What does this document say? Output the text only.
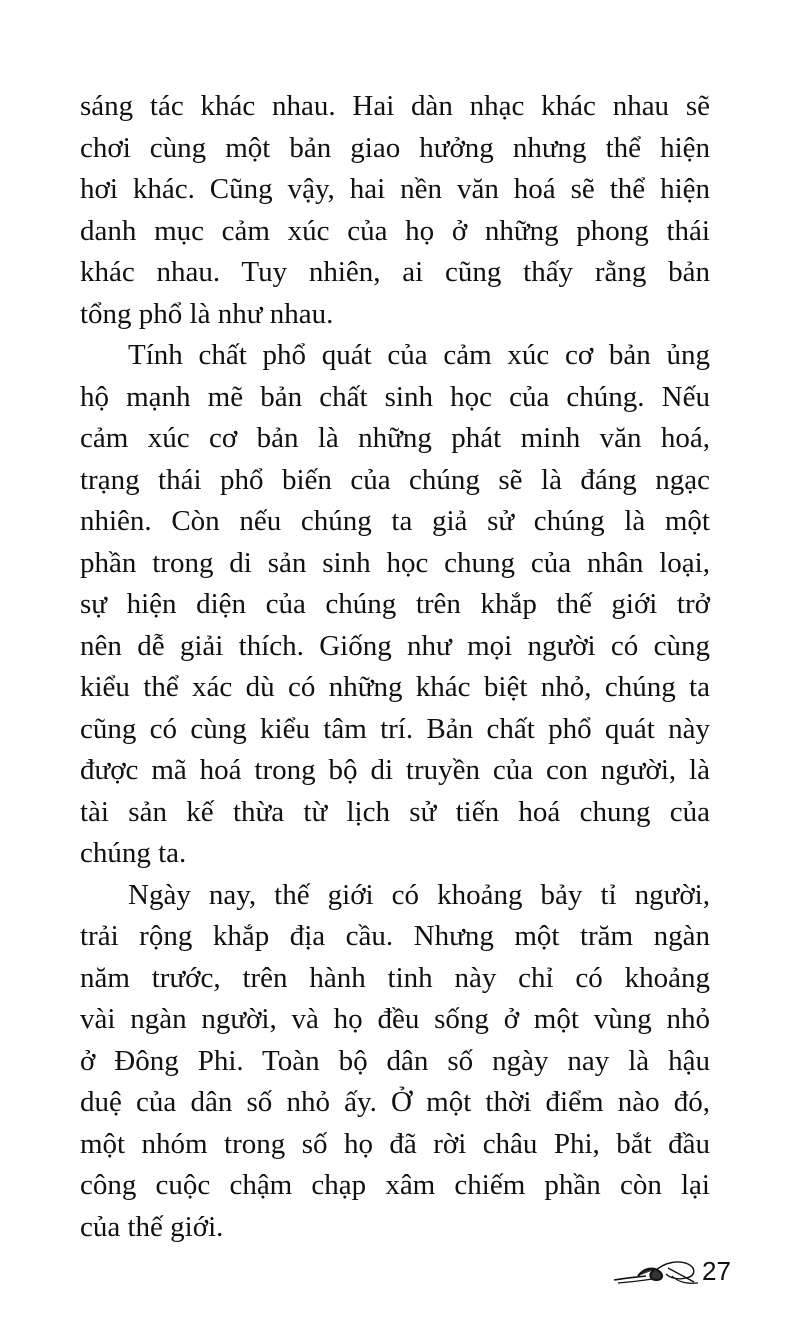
sáng tác khác nhau. Hai dàn nhạc khác nhau sẽ
chơi cùng một bản giao hưởng nhưng thể hiện
hơi khác. Cũng vậy, hai nền văn hoá sẽ thể hiện
danh mục cảm xúc của họ ở những phong thái
khác nhau. Tuy nhiên, ai cũng thấy rằng bản
tổng phổ là như nhau.

Tính chất phổ quát của cảm xúc cơ bản ủng
hộ mạnh mẽ bản chất sinh học của chúng. Nếu
cảm xúc cơ bản là những phát minh văn hoá,
trạng thái phổ biến của chúng sẽ là đáng ngạc
nhiên. Còn nếu chúng ta giả sử chúng là một
phần trong di sản sinh học chung của nhân loại,
sự hiện diện của chúng trên khắp thế giới trở
nên dễ giải thích. Giống như mọi người có cùng
kiểu thể xác dù có những khác biệt nhỏ, chúng ta
cũng có cùng kiểu tâm trí. Bản chất phổ quát này
được mã hoá trong bộ di truyền của con người, là
tài sản kế thừa từ lịch sử tiến hoá chung của
chúng ta.

Ngày nay, thế giới có khoảng bảy tỉ người,
trải rộng khắp địa cầu. Nhưng một trăm ngàn
năm trước, trên hành tinh này chỉ có khoảng
vài ngàn người, và họ đều sống ở một vùng nhỏ
ở Đông Phi. Toàn bộ dân số ngày nay là hậu
duệ của dân số nhỏ ấy. Ở một thời điểm nào đó,
một nhóm trong số họ đã rời châu Phi, bắt đầu
công cuộc chậm chạp xâm chiếm phần còn lại
của thế giới.

27
